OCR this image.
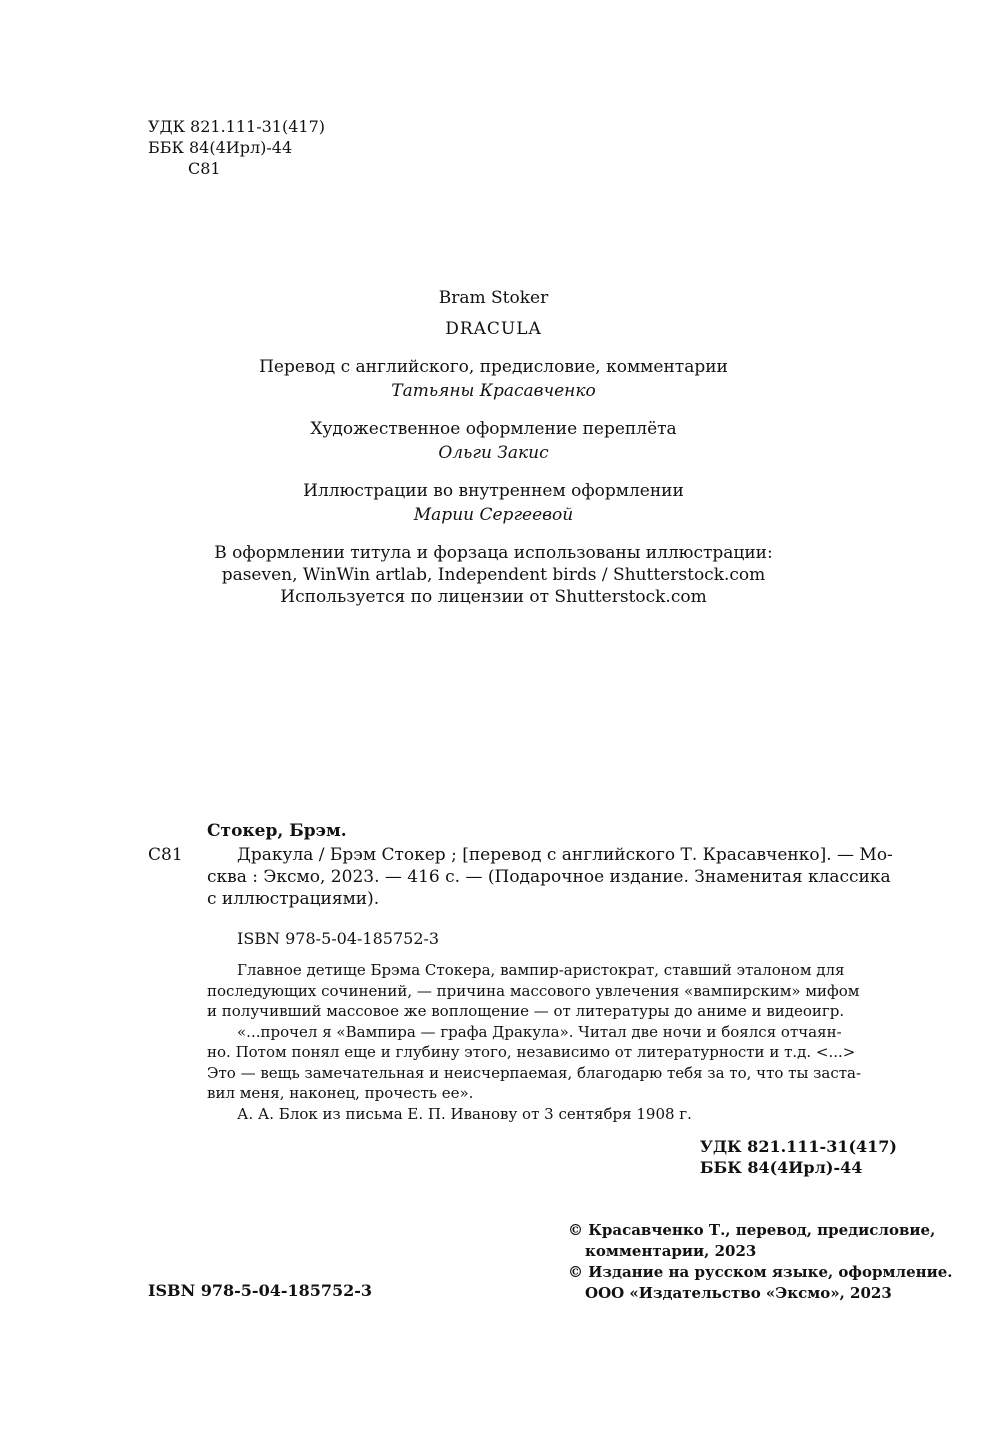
УДК 821.111-31(417)
ББК 84(4Ирл)-44
С81
Bram Stoker
DRACULA
Перевод с английского, предисловие, комментарии
Татьяны Красавченко
Художественное оформление переплёта
Ольги Закис
Иллюстрации во внутреннем оформлении
Марии Сергеевой
В оформлении титула и форзаца использованы иллюстрации:
paseven, WinWin artlab, Independent birds / Shutterstock.com
Используется по лицензии от Shutterstock.com
Стокер, Брэм.
С81	Дракула / Брэм Стокер ; [перевод с английского Т. Красавченко]. — Мо-
сква : Эксмо, 2023. — 416 с. — (Подарочное издание. Знаменитая классика
с иллюстрациями).
ISBN 978-5-04-185752-3
Главное детище Брэма Стокера, вампир-аристократ, ставший эталоном для
последующих сочинений, — причина массового увлечения «вампирским» мифом
и получивший массовое же воплощение — от литературы до аниме и видеоигр.
«...прочел я «Вампира — графа Дракула». Читал две ночи и боялся отчаян-
но. Потом понял еще и глубину этого, независимо от литературности и т.д. <...>
Это — вещь замечательная и неисчерпаемая, благодарю тебя за то, что ты застa-
вил меня, наконец, прочесть ее».
А. А. Блок из письма Е. П. Иванову от 3 сентября 1908 г.
УДК 821.111-31(417)
ББК 84(4Ирл)-44
ISBN 978-5-04-185752-3
© Красавченко Т., перевод, предисловие,
комментарии, 2023
© Издание на русском языке, оформление.
ООО «Издательство «Эксмо», 2023
